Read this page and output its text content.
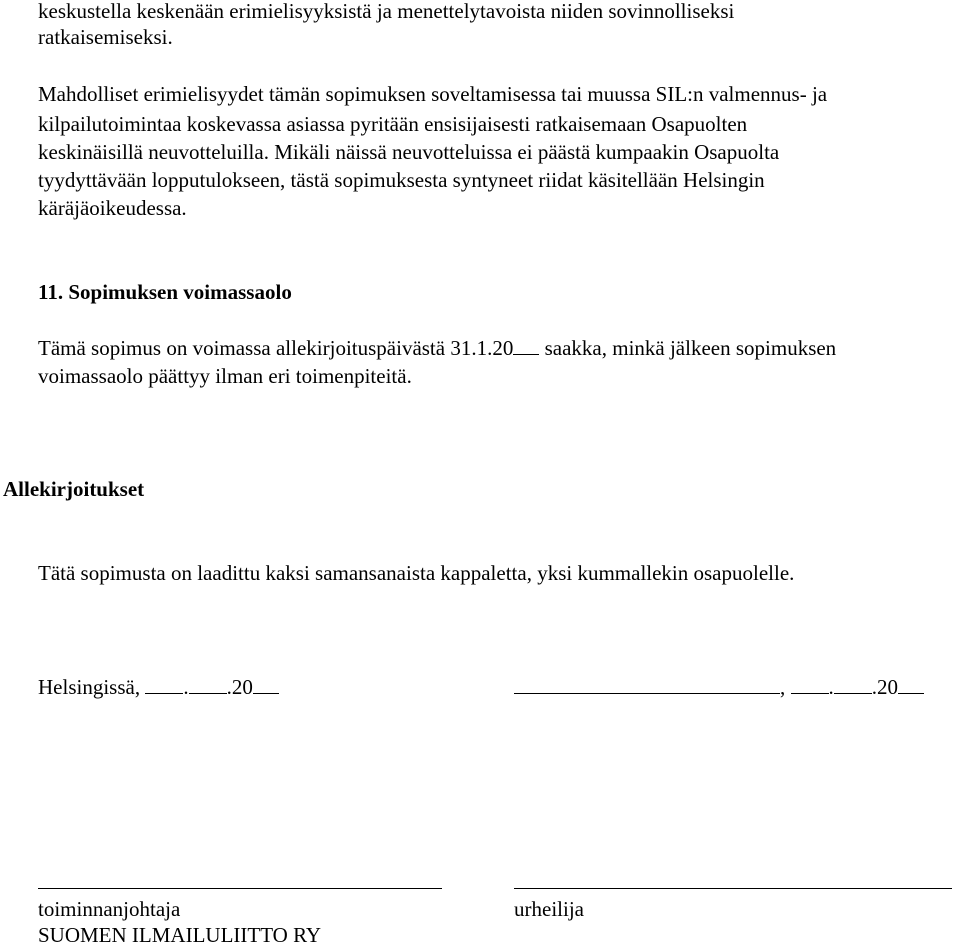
keskustella keskenään erimielisyyksistä ja menettelytavoista niiden sovinnolliseksi

ratkaisemiseksi.

Mahdolliset erimielisyydet tämän sopimuksen soveltamisessa tai muussa SIL:n valmennus- ja

kilpailutoimintaa koskevassa asiassa pyritään ensisijaisesti ratkaisemaan Osapuolten

keskinäisillä neuvotteluilla. Mikäli näissä neuvotteluissa ei päästä kumpaakin Osapuolta

tyydyttävään lopputulokseen, tästä sopimuksesta syntyneet riidat käsitellään Helsingin

käräjäoikeudessa.

11. Sopimuksen voimassaolo

Tämä sopimus on voimassa allekirjoituspäivästä 31.1.20 saakka, minkä jälkeen sopimuksen

voimassaolo päättyy ilman eri toimenpiteitä.

Allekirjoitukset

Tätä sopimusta on laadittu kaksi samansanaista kappaletta, yksi kummallekin osapuolelle.

Helsingissä, . .20	, . .20

toiminnanjohtaja

SUOMEN ILMAILULIITTO RY

urheilija
